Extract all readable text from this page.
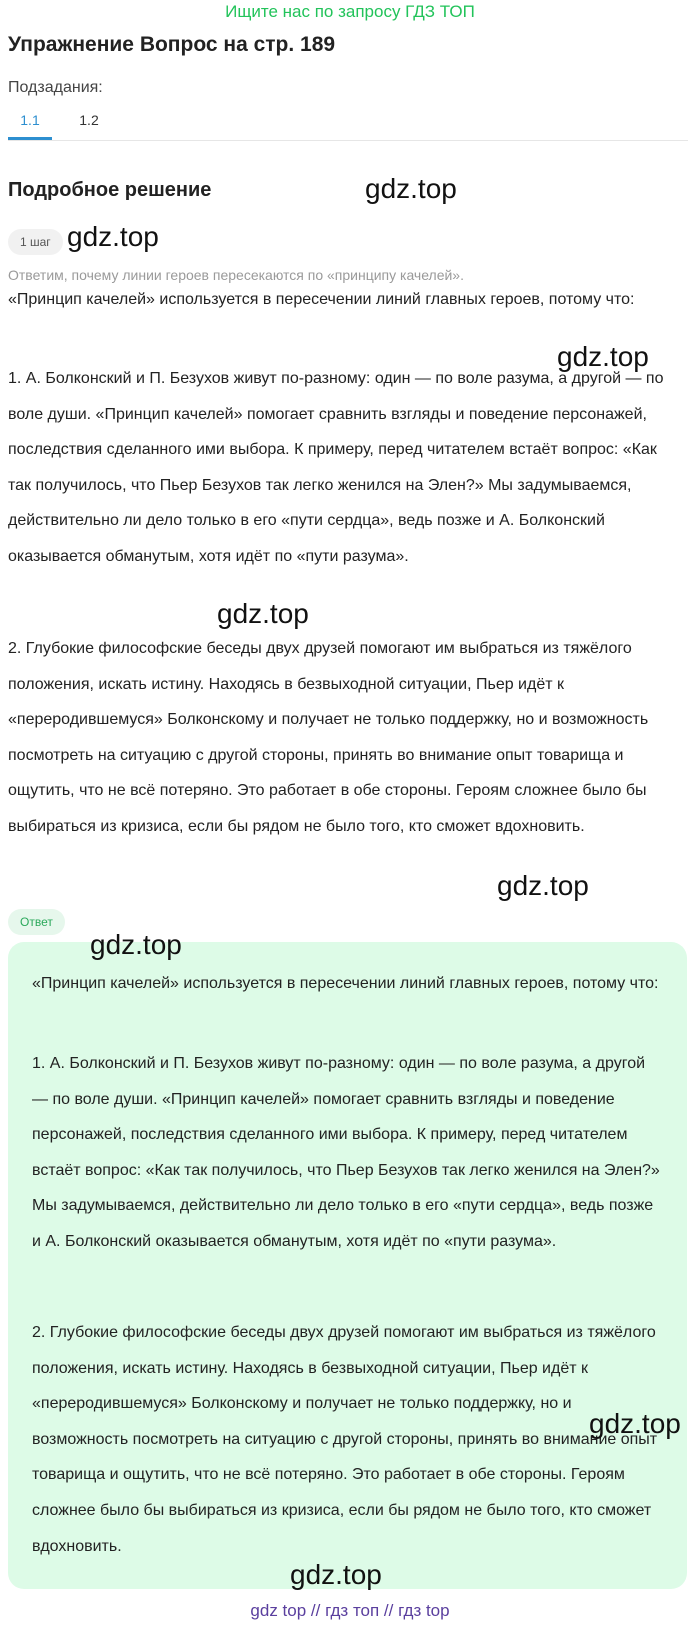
Ищите нас по запросу ГДЗ ТОП
Упражнение Вопрос на стр. 189
Подзадания:
1.1	1.2
Подробное решение
1 шаг

Ответим, почему линии героев пересекаются по «принципу качелей».

«Принцип качелей» используется в пересечении линий главных героев, потому что:

1. А. Болконский и П. Безухов живут по-разному: один — по воле разума, а другой — по воле души. «Принцип качелей» помогает сравнить взгляды и поведение персонажей, последствия сделанного ими выбора. К примеру, перед читателем встаёт вопрос: «Как так получилось, что Пьер Безухов так легко женился на Элен?» Мы задумываемся, действительно ли дело только в его «пути сердца», ведь позже и А. Болконский оказывается обманутым, хотя идёт по «пути разума».

2. Глубокие философские беседы двух друзей помогают им выбраться из тяжёлого положения, искать истину. Находясь в безвыходной ситуации, Пьер идёт к «переродившемуся» Болконскому и получает не только поддержку, но и возможность посмотреть на ситуацию с другой стороны, принять во внимание опыт товарища и ощутить, что не всё потеряно. Это работает в обе стороны. Героям сложнее было бы выбираться из кризиса, если бы рядом не было того, кто сможет вдохновить.

Ответ

«Принцип качелей» используется в пересечении линий главных героев, потому что:

1. А. Болконский и П. Безухов живут по-разному: один — по воле разума, а другой — по воле души. «Принцип качелей» помогает сравнить взгляды и поведение персонажей, последствия сделанного ими выбора. К примеру, перед читателем встаёт вопрос: «Как так получилось, что Пьер Безухов так легко женился на Элен?» Мы задумываемся, действительно ли дело только в его «пути сердца», ведь позже и А. Болконский оказывается обманутым, хотя идёт по «пути разума».

2. Глубокие философские беседы двух друзей помогают им выбраться из тяжёлого положения, искать истину. Находясь в безвыходной ситуации, Пьер идёт к «переродившемуся» Болконскому и получает не только поддержку, но и возможность посмотреть на ситуацию с другой стороны, принять во внимание опыт товарища и ощутить, что не всё потеряно. Это работает в обе стороны. Героям сложнее было бы выбираться из кризиса, если бы рядом не было того, кто сможет вдохновить.

gdz.top
gdz.top
gdz.top
gdz.top
gdz.top
gdz.top
gdz.top
gdz.top
gdz top // гдз топ // гдз top
